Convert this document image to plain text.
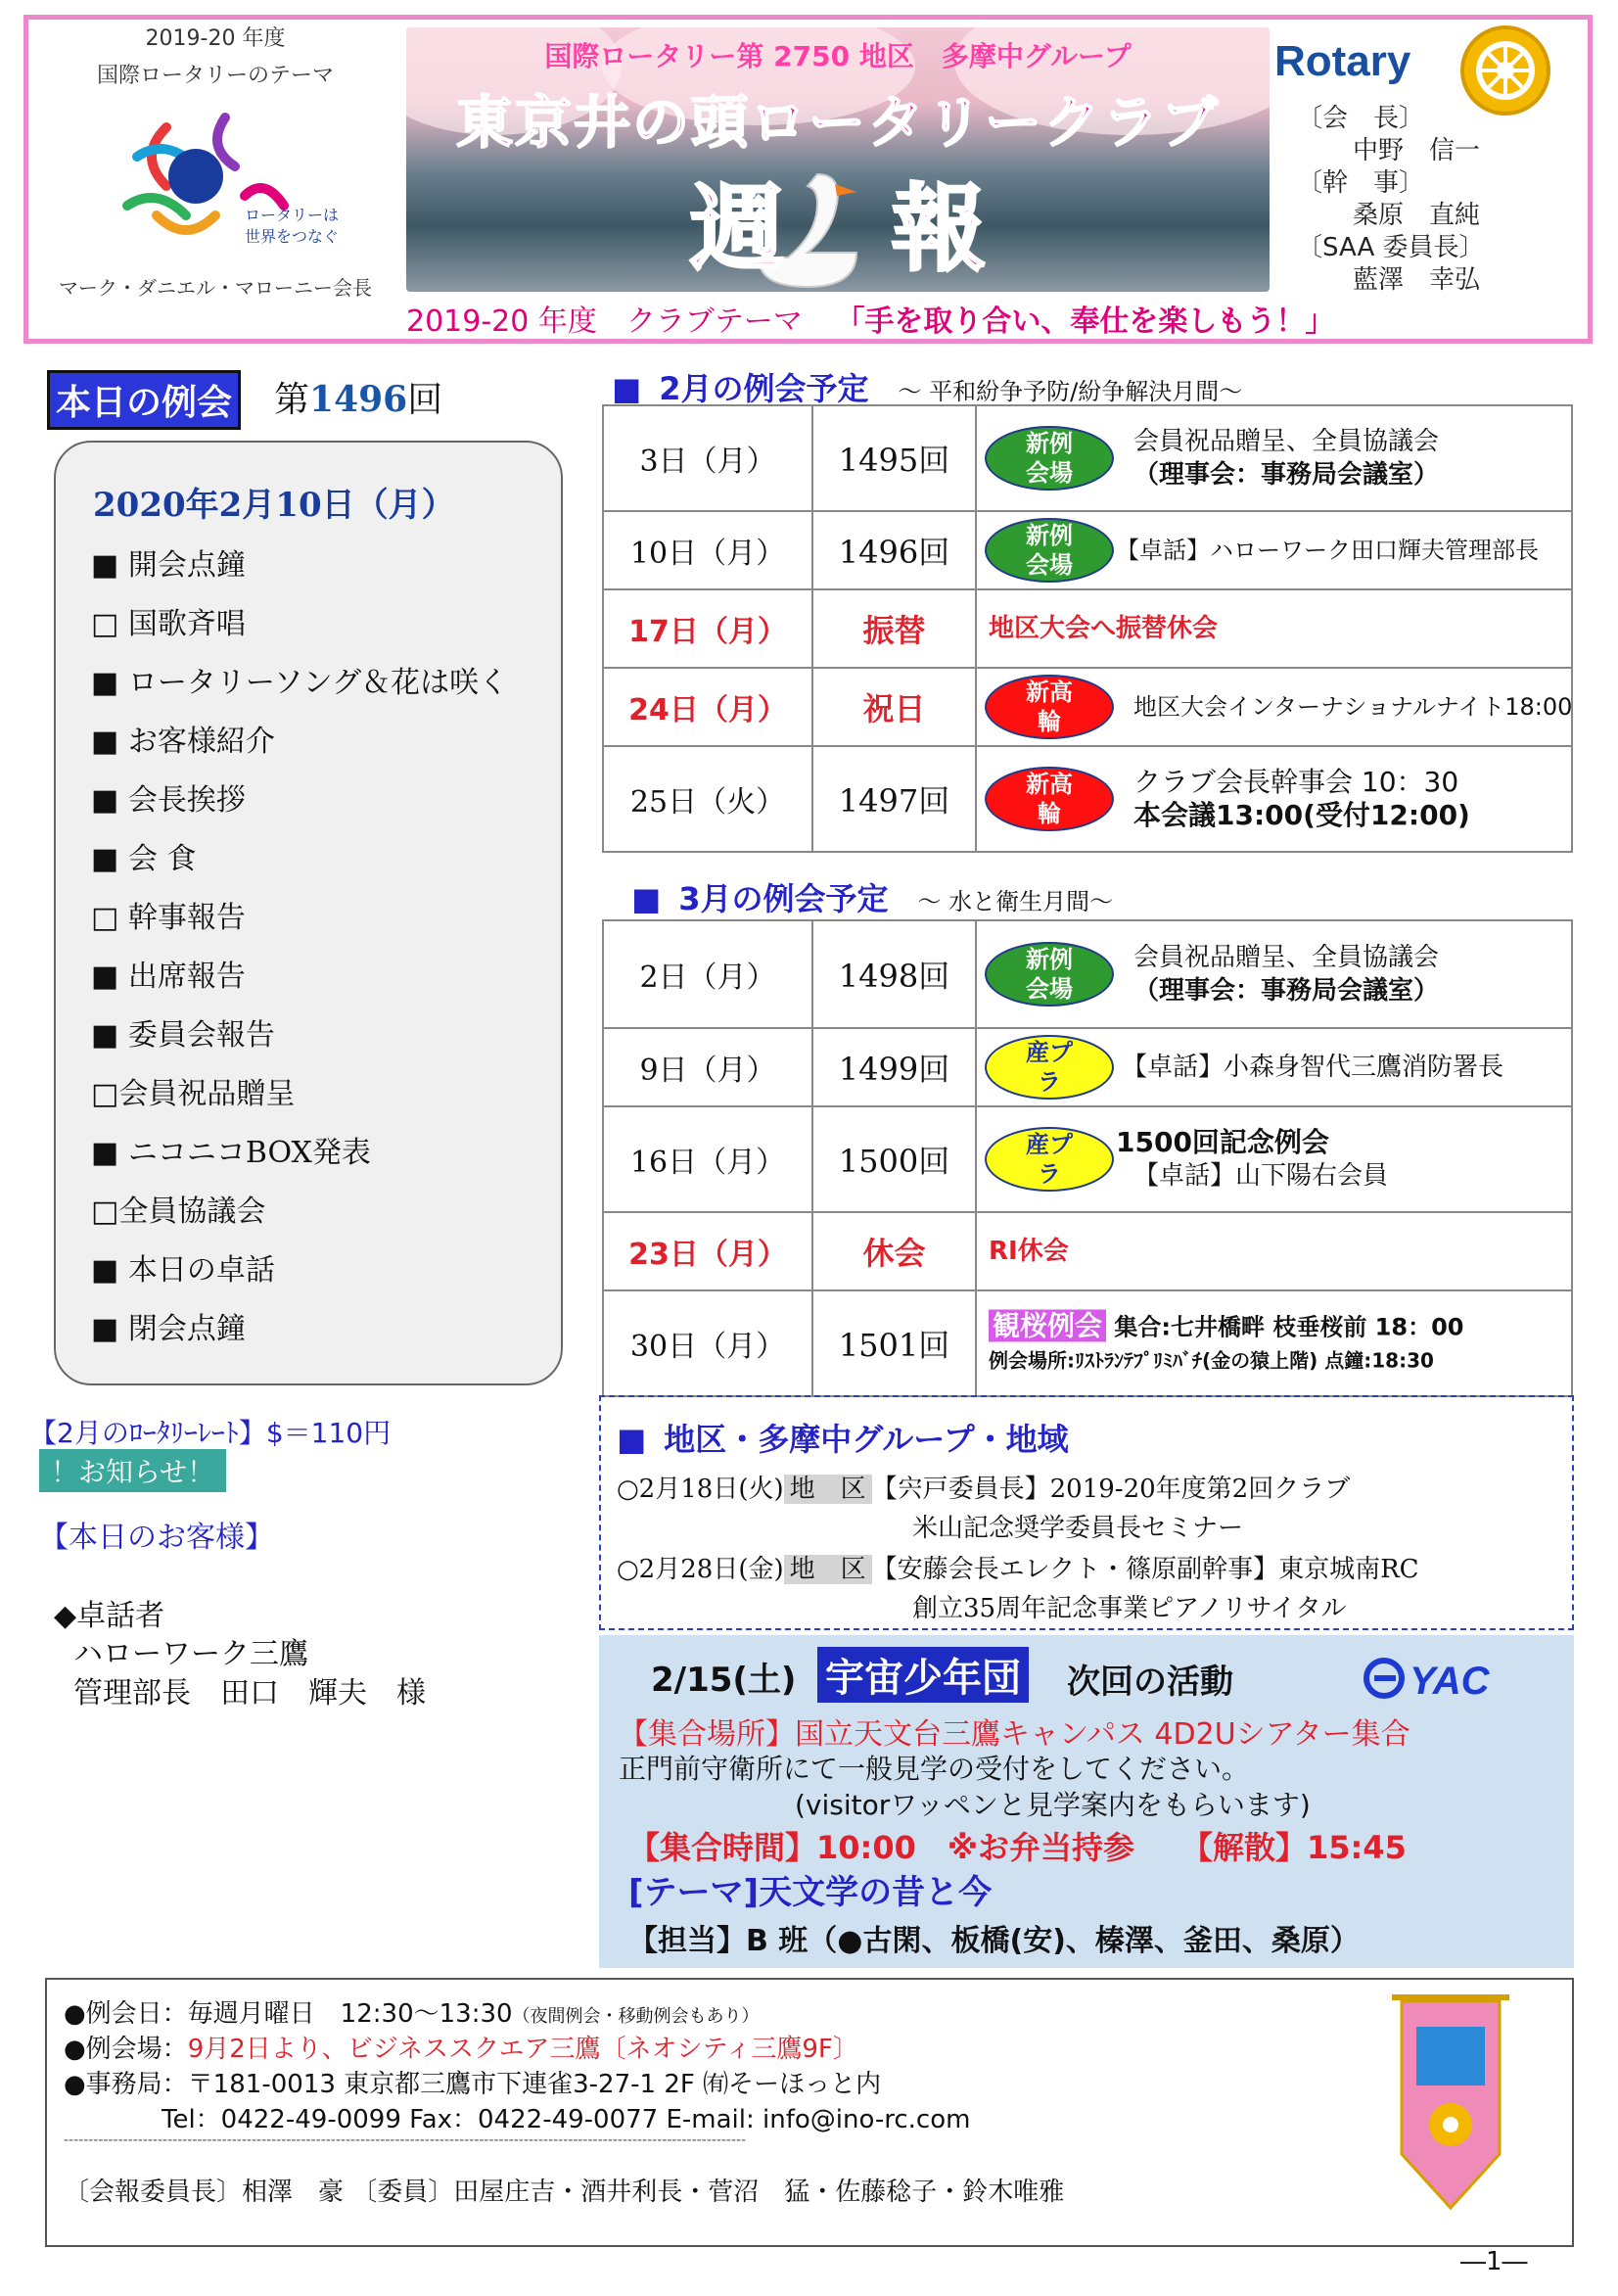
2019-20 年度
国際ロータリーのテーマ
ロータリーは
世界をつなぐ
マーク・ダニエル・マローニー会長
国際ロータリー第 2750 地区　多摩中グループ
東京井の頭ロータリークラブ
週報
Rotary
〔会　長〕
中野　信一
〔幹　事〕
桑原　直純
〔SAA 委員長〕
藍澤　幸弘
2019-20 年度　クラブテーマ 「手を取り合い、奉仕を楽しもう！」
本日の例会 第1496回
2020年2月10日（月）
■ 開会点鐘
□ 国歌斉唱
■ ロータリーソング＆花は咲く
■ お客様紹介
■ 会長挨拶
■ 会 食
□ 幹事報告
■ 出席報告
■ 委員会報告
□会員祝品贈呈
■ ニコニコBOX発表
□全員協議会
■ 本日の卓話
■ 閉会点鐘
【2月のﾛｰﾀﾘｰﾚｰﾄ】$＝110円
！お知らせ！
【本日のお客様】
◆卓話者
ハローワーク三鷹
管理部長　田口　輝夫　様
■ 2月の例会予定 ～ 平和紛争予防/紛争解決月間～
3日（月）	1495回	新例
会場
会員祝品贈呈、全員協議会
（理事会：事務局会議室）

10日（月）	1496回	新例
会場
【卓話】ハローワーク田口輝夫管理部長

17日（月）	振替	地区大会へ振替休会

24日（月）	祝日	新高
輪
地区大会インターナショナルナイト18:00

25日（火）	1497回	新高
輪
クラブ会長幹事会 10：30
本会議13:00(受付12:00)
■ 3月の例会予定 ～ 水と衛生月間～
2日（月）	1498回	新例
会場
会員祝品贈呈、全員協議会
（理事会：事務局会議室）

9日（月）	1499回	産プ
ラ 【卓話】小森身智代三鷹消防署長

16日（月）	1500回	産プ
ラ
1500回記念例会
【卓話】山下陽右会員

23日（月）	休会	RI休会

30日（月）	1501回	観桜例会 集合:七井橋畔 枝垂桜前 18：00
例会場所:ﾘｽﾄﾗﾝﾃﾌﾟﾘﾐﾊﾞﾁ(金の猿上階) 点鐘:18:30
■ 地区・多摩中グループ・地域
○2月18日(火) 地　区 【宍戸委員長】2019-20年度第2回クラブ
米山記念奨学委員長セミナー
○2月28日(金) 地　区 【安藤会長エレクト・篠原副幹事】東京城南RC
創立35周年記念事業ピアノリサイタル
2/15(土) 宇宙少年団 次回の活動	YAC
【集合場所】国立天文台三鷹キャンパス 4D2Uシアター集合
正門前守衛所にて一般見学の受付をしてください。
(visitorワッペンと見学案内をもらいます)
【集合時間】10:00　※お弁当持参　　【解散】15:45
[テーマ]天文学の昔と今
【担当】B 班（●古閑、板橋(安)、榛澤、釜田、桑原）
●例会日：毎週月曜日　12:30～13:30（夜間例会・移動例会もあり）
●例会場：9月2日より、ビジネススクエア三鷹〔ネオシティ三鷹9F〕
●事務局：〒181-0013 東京都三鷹市下連雀3-27-1 2F ㈲そーほっと内
Tel：0422-49-0099 Fax：0422-49-0077 E-mail: info@ino-rc.com
------------------------------------------------------------------------------------------------------------------------------------------
〔会報委員長〕相澤　豪 〔委員〕田屋庄吉・酒井利長・菅沼　猛・佐藤稔子・鈴木唯雅
―1―
